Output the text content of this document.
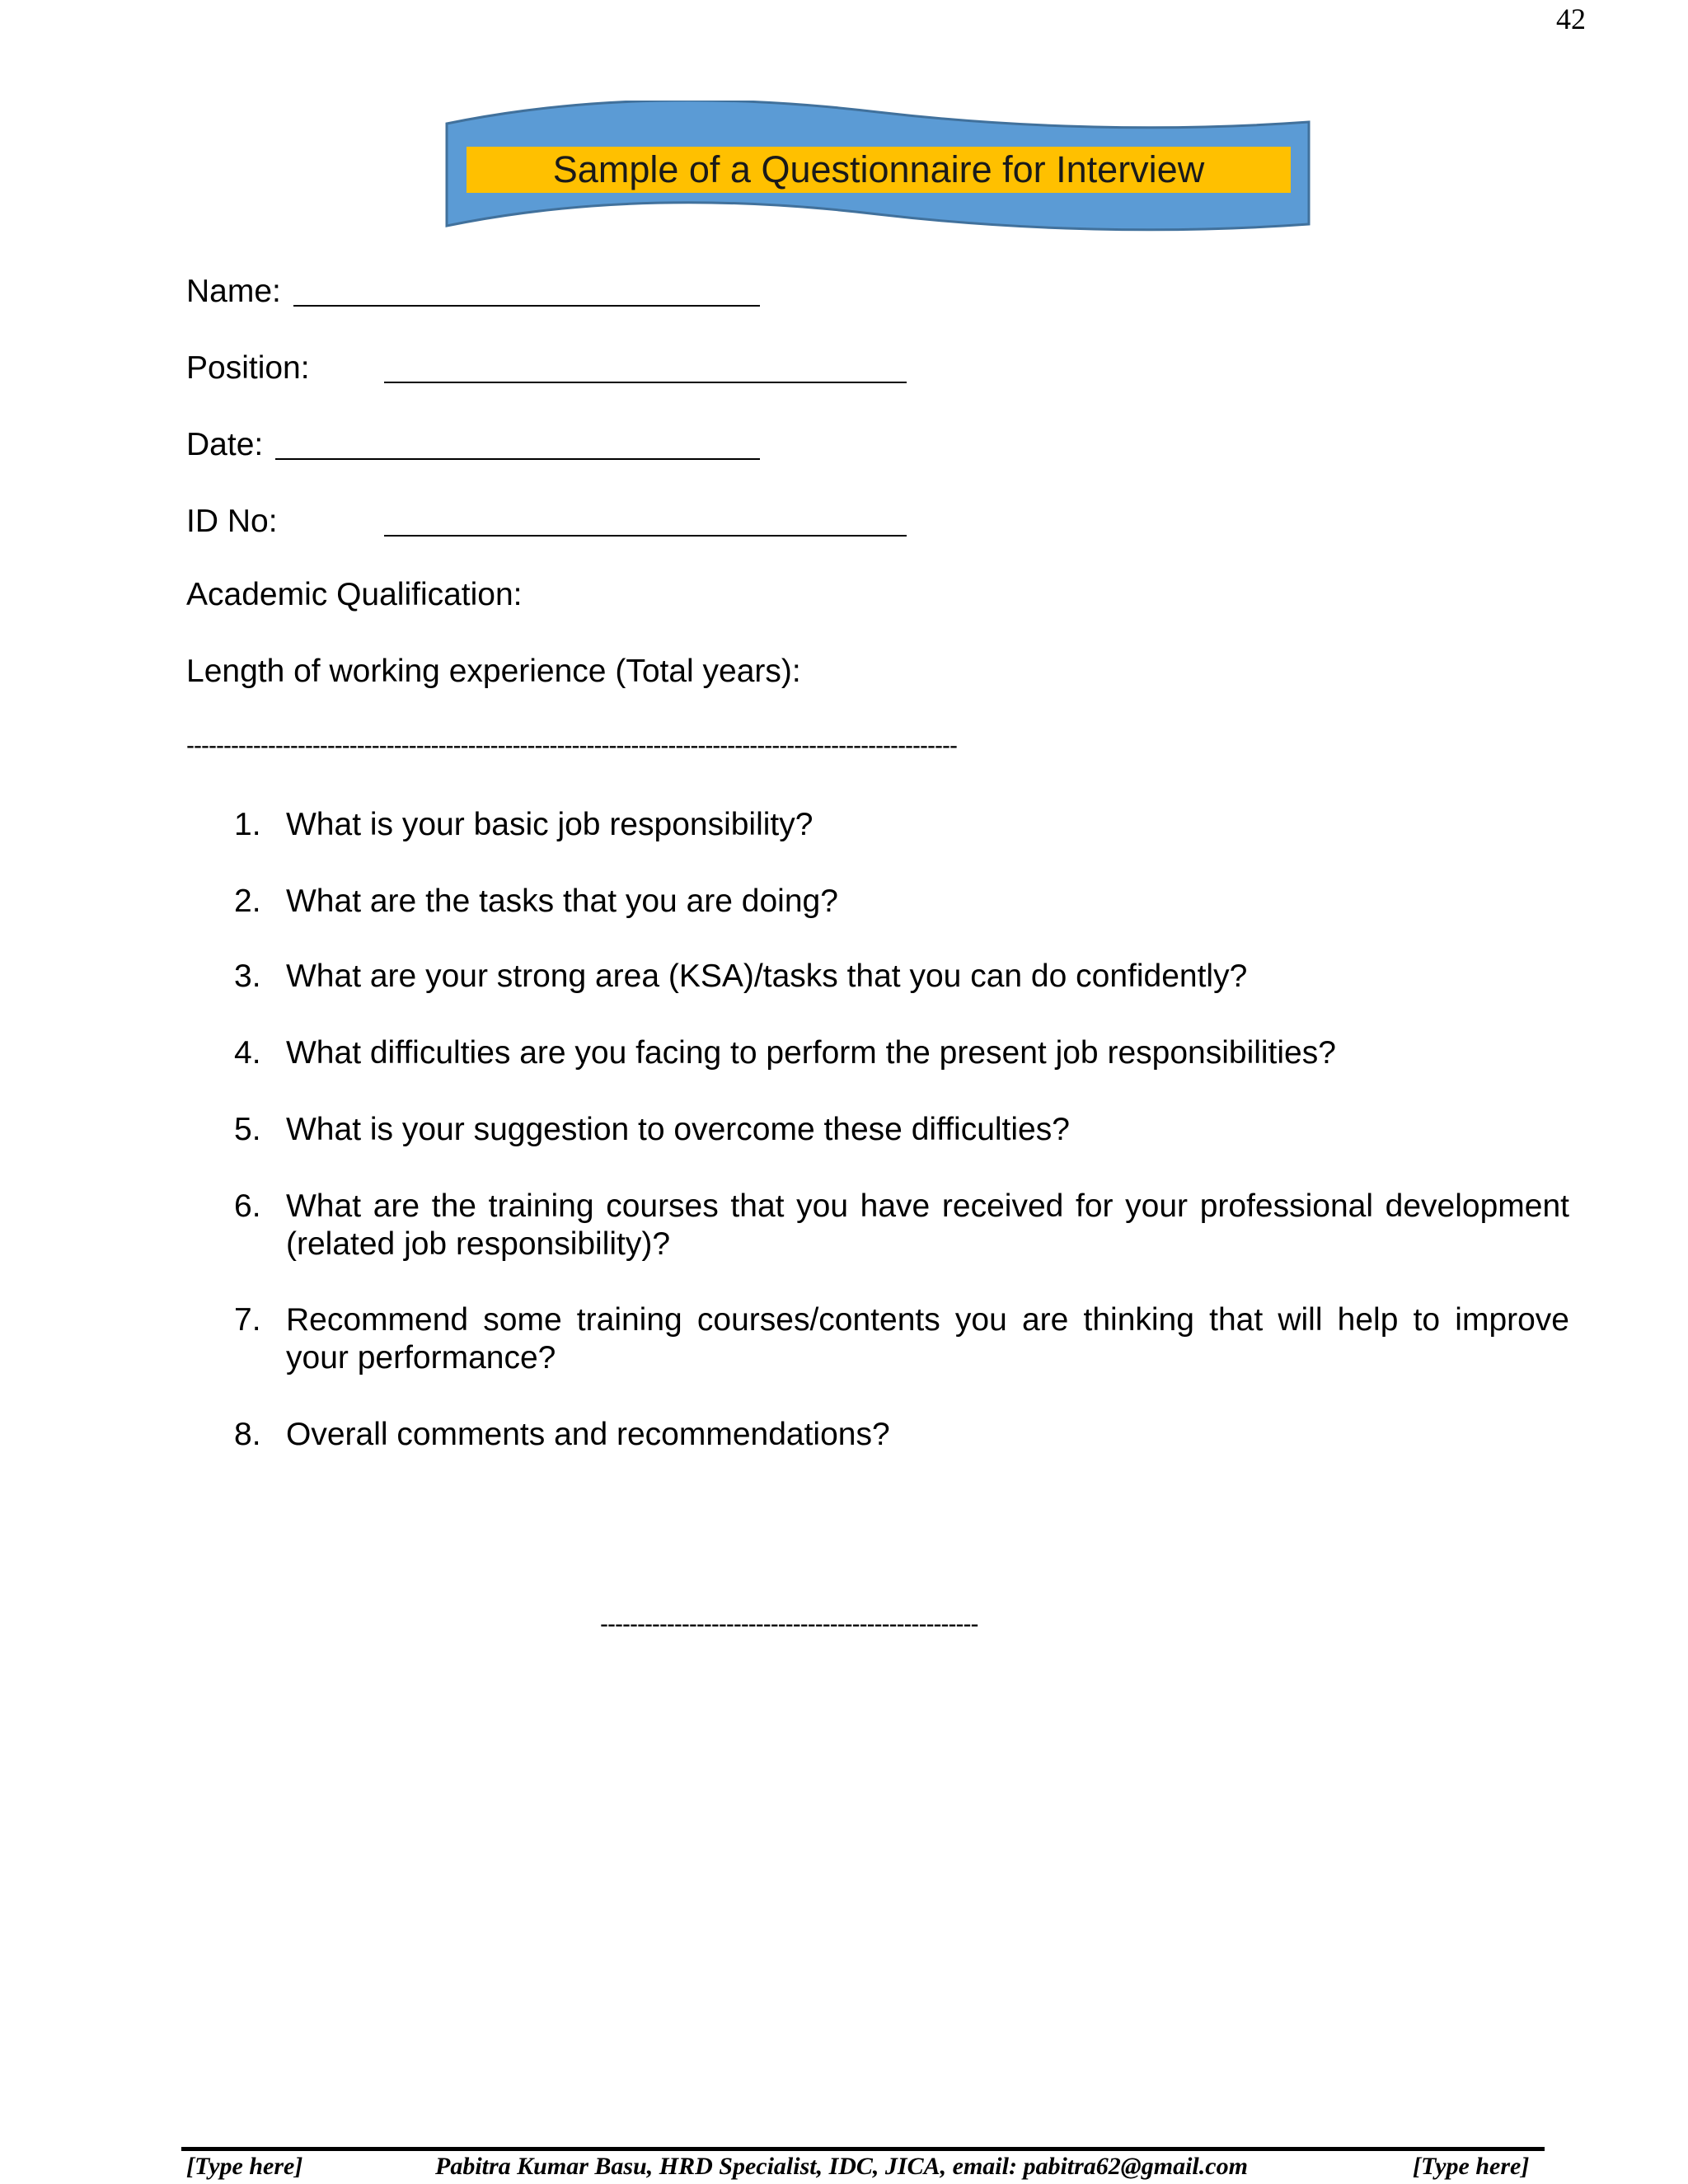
42
Sample of a Questionnaire for Interview
Name:
Position:
Date:
ID No:
Academic Qualification:
Length of working experience (Total years):
--------------------------------------------------------------------------------------------------------
1. What is your basic job responsibility?
2. What are the tasks that you are doing?
3. What are your strong area (KSA)/tasks that you can do confidently?
4. What difficulties are you facing to perform the present job responsibilities?
5. What is your suggestion to overcome these difficulties?
6. What are the training courses that you have received for your professional development (related job responsibility)?
7. Recommend some training courses/contents you are thinking that will help to improve your performance?
8. Overall comments and recommendations?
---------------------------------------------------
[Type here]	Pabitra Kumar Basu, HRD Specialist, IDC, JICA, email: pabitra62@gmail.com	[Type here]
